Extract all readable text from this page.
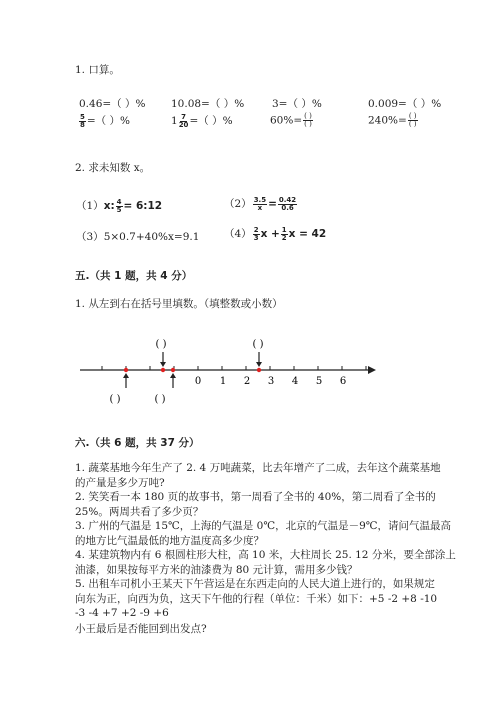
1. 口算。
0.46=（ ）% 10.08=（ ）%	3=（ ）%	0.009=（ ）%
$\frac{5}{8}$ =（ ）%	$1 \frac{7}{20}$ =（ ）%	$60\%= \frac{( )}{( )}$	$240\%= \frac{( )}{( )}$
2. 求未知数 x。
（1）x: $\frac{4}{5}$ = 6:12	$(2) \frac{3.5}{x} = \frac{0.42}{0.6}$
（3）5×0.7+40%x=9.1 $(4) \frac{2}{3}$ $x + \frac{1}{2}$ x = 42
五.（共 1 题，共 4 分）
1. 从左到右在括号里填数。（填整数或小数）
0 1 2 3 4 5 6
( )	( )
( )	( )
六.（共 6 题，共 37 分）
1. 蔬菜基地今年生产了 2. 4 万吨蔬菜，比去年增产了二成，去年这个蔬菜基地
的产量是多少万吨?
2. 笑笑看一本 180 页的故事书，第一周看了全书的 40%，第二周看了全书的
25%。两周共看了多少页？
3. 广州的气温是 15℃，上海的气温是 0℃，北京的气温是－9℃，请问气温最高
的地方比气温最低的地方温度高多少度？
4. 某建筑物内有 6 根圆柱形大柱，高 10 米，大柱周长 25. 12 分米，要全部涂上
油漆，如果按每平方米的油漆费为 80 元计算，需用多少钱？
5. 出租车司机小王某天下午营运是在东西走向的人民大道上进行的，如果规定
向东为正，向西为负，这天下午他的行程（单位：千米）如下：+5 -2 +8 -10
-3 -4 +7 +2 -9 +6
小王最后是否能回到出发点?
